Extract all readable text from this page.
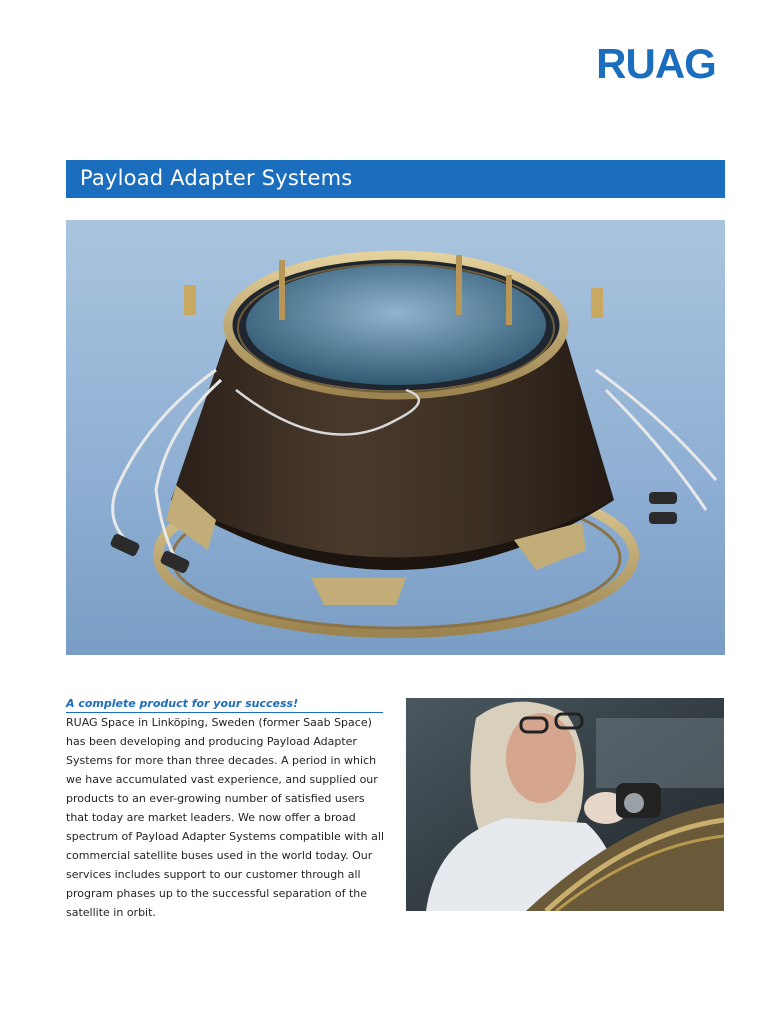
RUAG
Payload Adapter Systems
A complete product for your success!

RUAG Space in Linköping, Sweden (former Saab Space) has been developing and producing Payload Adapter Systems for more than three decades. A period in which we have accumulated vast experience, and supplied our products to an ever-growing number of satisfied users that today are market leaders. We now offer a broad spectrum of Payload Adapter Systems compatible with all commercial satellite buses used in the world today. Our services includes support to our customer through all program phases up to the successful separation of the satellite in orbit.
